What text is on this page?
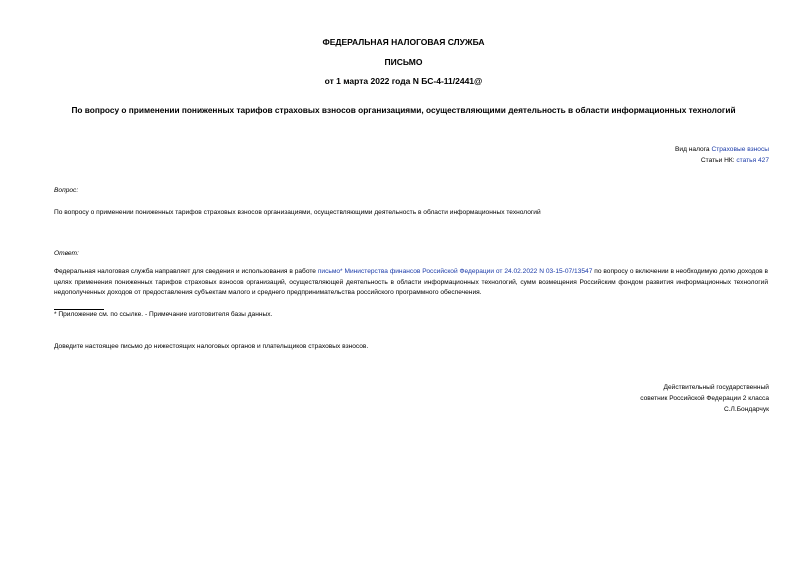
ФЕДЕРАЛЬНАЯ НАЛОГОВАЯ СЛУЖБА
ПИСЬМО
от 1 марта 2022 года N БС-4-11/2441@
По вопросу о применении пониженных тарифов страховых взносов организациями, осуществляющими деятельность в области информационных технологий
Вид налога Страховые взносы
Статьи НК: статья 427
Вопрос:
По вопросу о применении пониженных тарифов страховых взносов организациями, осуществляющими деятельность в области информационных технологий
Ответ:
Федеральная налоговая служба направляет для сведения и использования в работе письмо* Министерства финансов Российской Федерации от 24.02.2022 N 03-15-07/13547 по вопросу о включении в необходимую долю доходов в целях применения пониженных тарифов страховых взносов организаций, осуществляющей деятельность в области информационных технологий, сумм возмещения Российским фондом развития информационных технологий недополученных доходов от предоставления субъектам малого и среднего предпринимательства российского программного обеспечения.
* Приложение см. по ссылке. - Примечание изготовителя базы данных.
Доведите настоящее письмо до нижестоящих налоговых органов и плательщиков страховых взносов.
Действительный государственный
советник Российской Федерации 2 класса
С.Л.Бондарчук
